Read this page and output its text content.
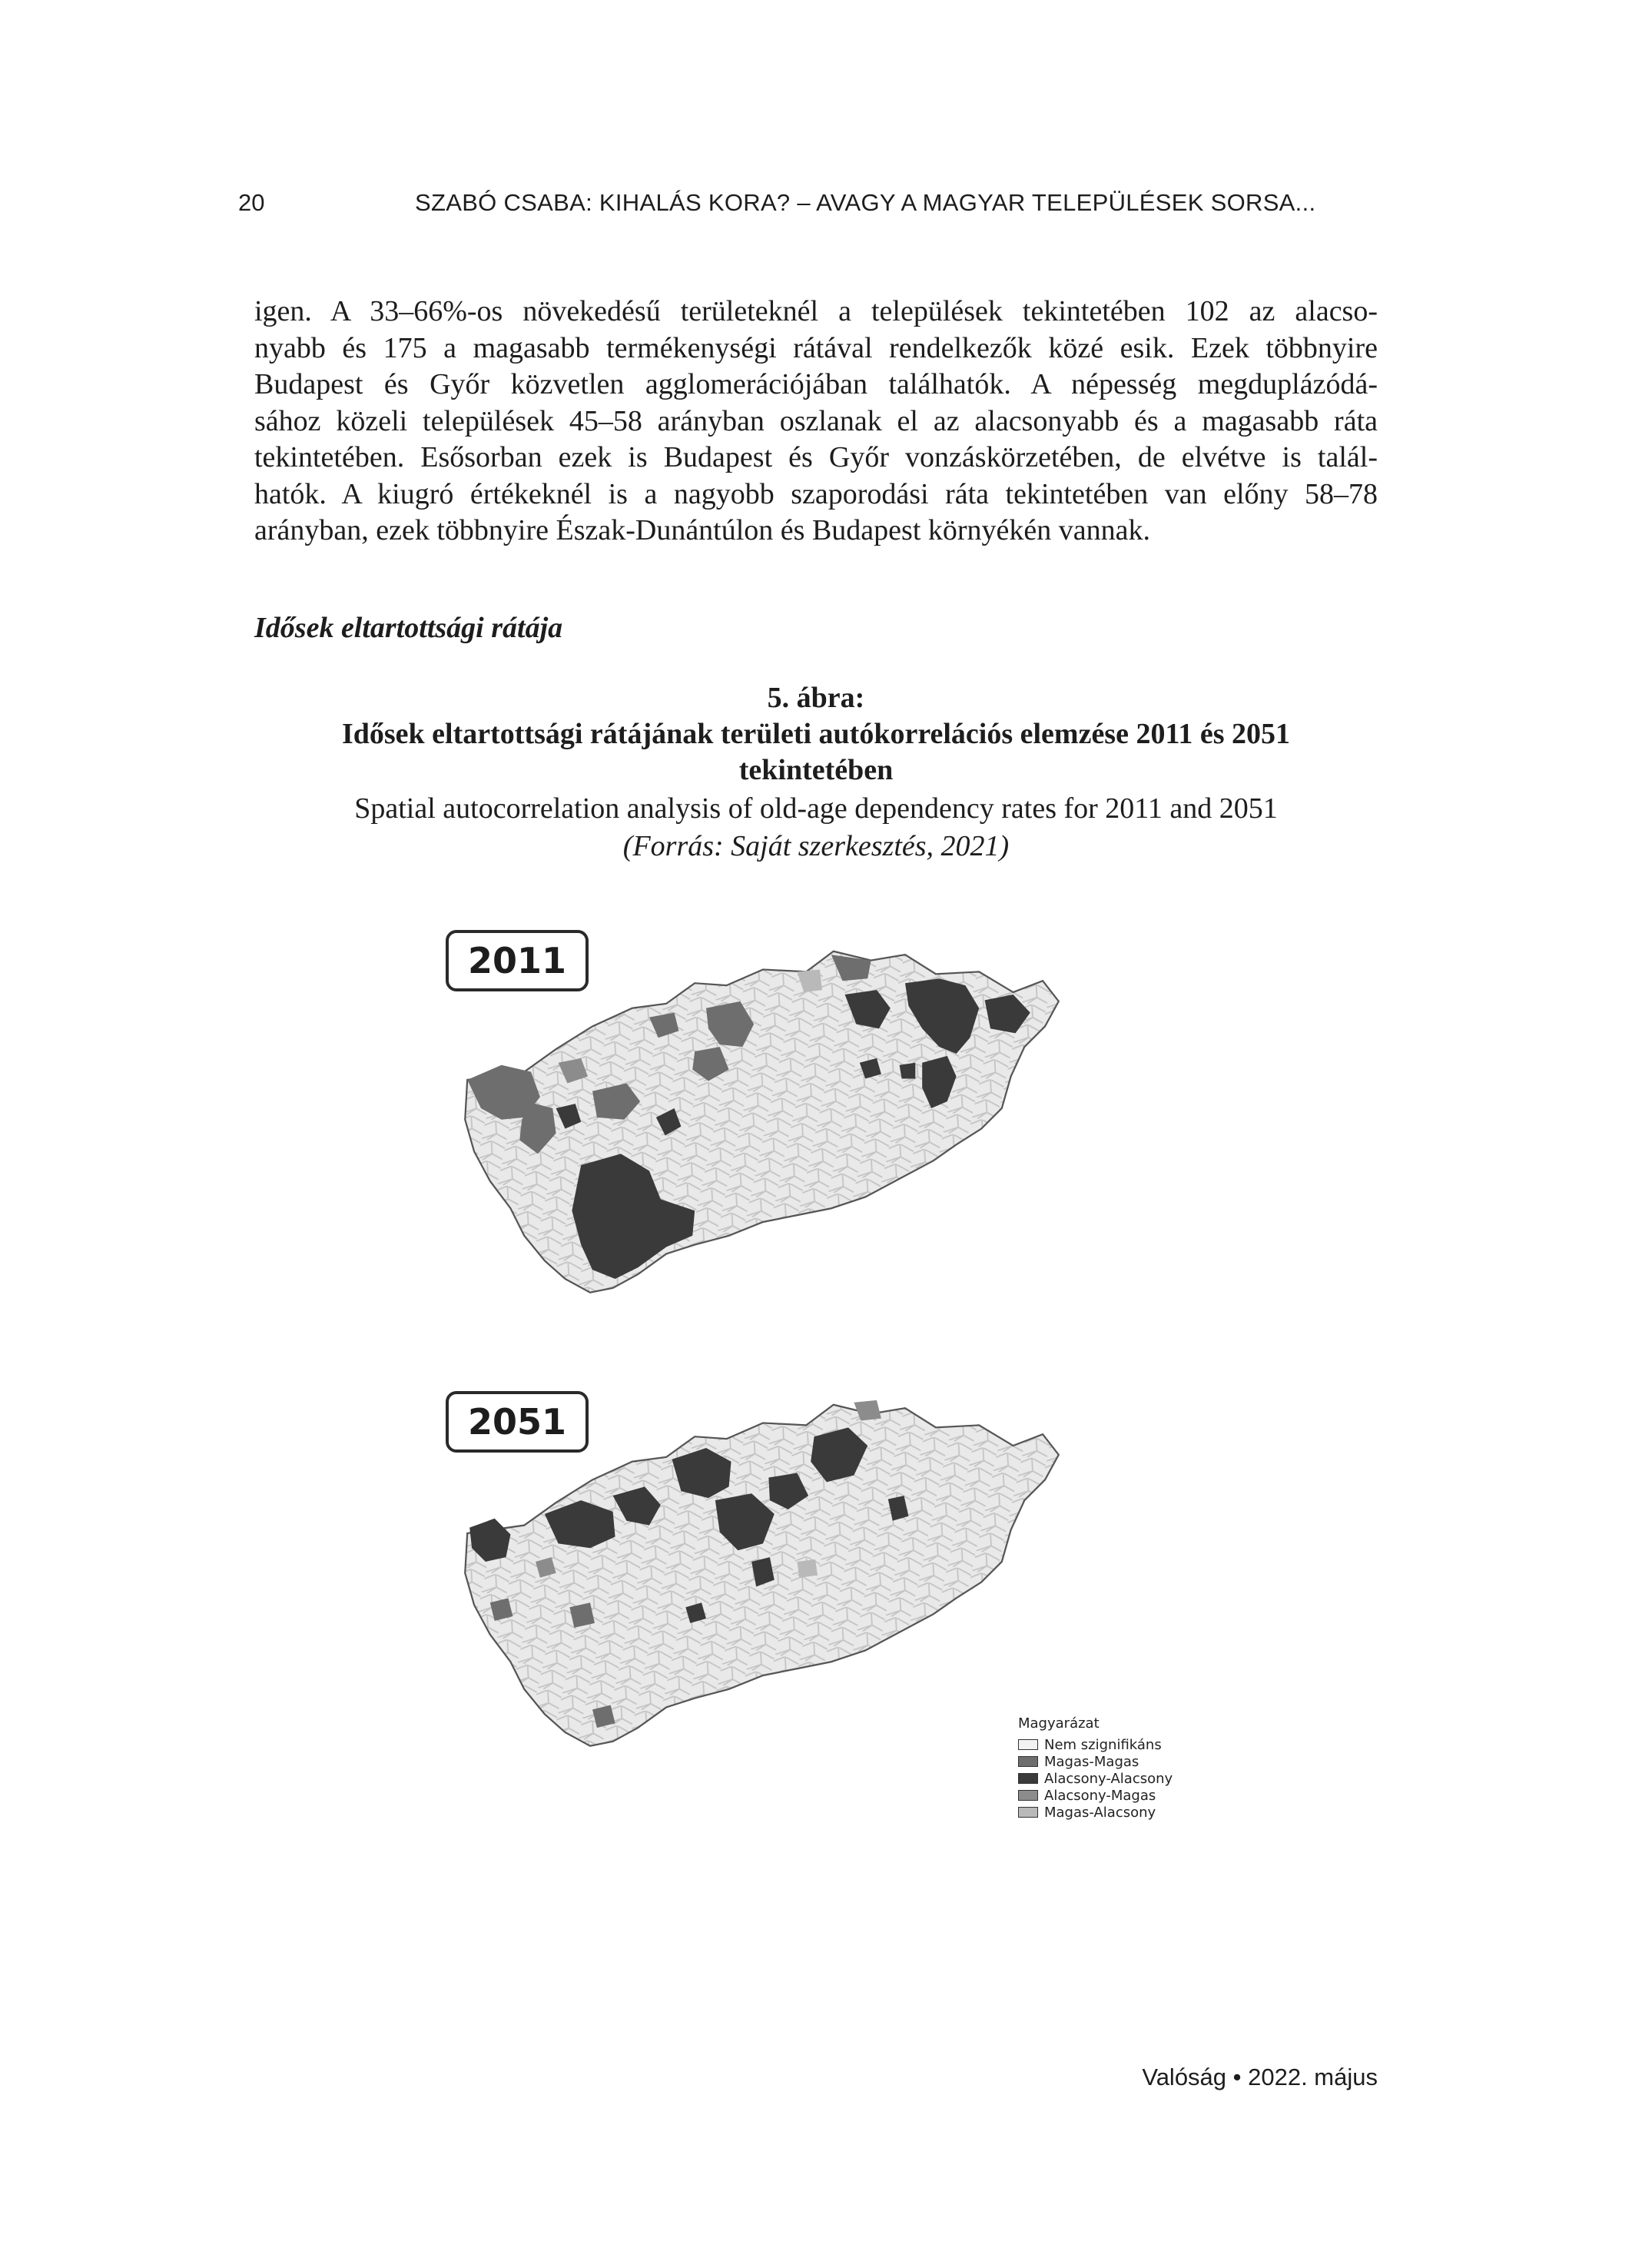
20	SZABÓ CSABA: KIHALÁS KORA? – AVAGY A MAGYAR TELEPÜLÉSEK SORSA...
igen. A 33–66%-os növekedésű területeknél a települések tekintetében 102 az alacso-
nyabb és 175 a magasabb termékenységi rátával rendelkezők közé esik. Ezek többnyire
Budapest és Győr közvetlen agglomerációjában találhatók. A népesség megduplázódá-
sához közeli települések 45–58 arányban oszlanak el az alacsonyabb és a magasabb ráta
tekintetében. Esősorban ezek is Budapest és Győr vonzáskörzetében, de elvétve is talál-
hatók. A kiugró értékeknél is a nagyobb szaporodási ráta tekintetében van előny 58–78
arányban, ezek többnyire Észak-Dunántúlon és Budapest környékén vannak.
Idősek eltartottsági rátája
5. ábra:
Idősek eltartottsági rátájának területi autókorrelációs elemzése 2011 és 2051
tekintetében
Spatial autocorrelation analysis of old-age dependency rates for 2011 and 2051
(Forrás: Saját szerkesztés, 2021)
2011
2051
Magyarázat
Nem szignifikáns
Magas-Magas
Alacsony-Alacsony
Alacsony-Magas
Magas-Alacsony
Valóság • 2022. május
